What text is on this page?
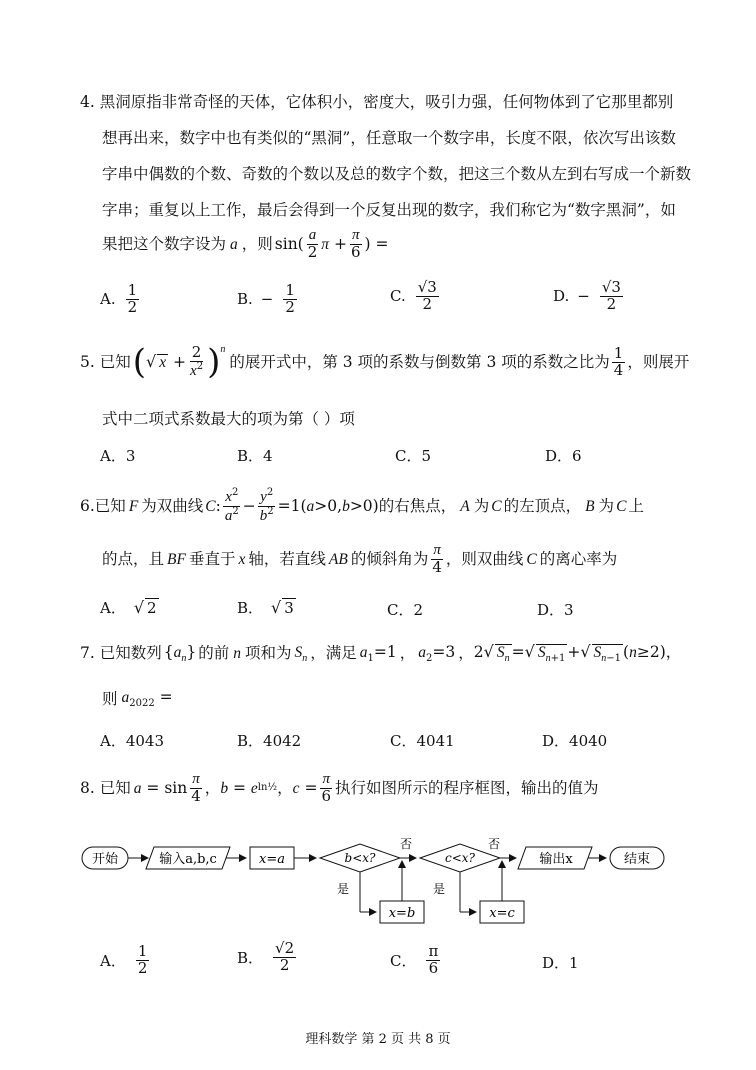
4. 黑洞原指非常奇怪的天体，它体积小，密度大，吸引力强，任何物体到了它那里都别
想再出来，数字中也有类似的“黑洞”，任意取一个数字串，长度不限，依次写出该数
字串中偶数的个数、奇数的个数以及总的数字个数，把这三个数从左到右写成一个新数
字串；重复以上工作，最后会得到一个反复出现的数字，我们称它为“数字黑洞”，如
果把这个数字设为 a ，则 $\sin( \frac{a}{2}$ $\pi + \frac{\pi}{6}$ ) =
A. $\frac{1}{2}$	B. − $\frac{1}{2}$	C. $\frac{√3}{2}$	D. − $\frac{√3}{2}$
5.
已知 ( √ $x + \frac{2}{x^2} )^n$
的展开式中，第 3 项的系数与倒数第 3 项的系数之比为 $\frac{1}{4}$ ，则展开
式中二项式系数最大的项为第（ ）项
A．3	B．4	C．5	D．6
6. 已知 F 为双曲线 C : $\frac{x^2}{a^2} - \frac{y^2}{b^2} =1(a>0,b>0)$ 的右焦点， A 为 C 的左顶点， B 为 C 上
的点，且 BF 垂直于 x 轴，若直线 AB 的倾斜角为 $\frac{\pi}{4}$ ，则双曲线 C 的离心率为
A． √ 2	B． √ 3	C．2	D．3
7.
已知数列 $\{a_n\}$ 的前 n 项和为 $S_n$ ，满足 $a_1=1$ ， $a_2=3$ ， 2√ $S_n$ =√ $S_{n+1}$ +√ $S_{n-1}$ (n≥2)，
则 $a_{2022}$ =
A．4043	B．4042	C．4041	D．4040
8.
已知 $a = \sin \frac{\pi}{4}$ ， b = e ln½ ， $c = \frac{\pi}{6}$ 执行如图所示的程序框图，输出的值为
开始	输入a,b,c	x=a	b<x?
否
是
x=b
c<x?
否
是
x=c
输出x	结束
A． $\frac{1}{2}$	B． $\frac{√2}{2}$	C． $\frac{\pi}{6}$	D．1
理科数学 第 2 页 共 8 页
